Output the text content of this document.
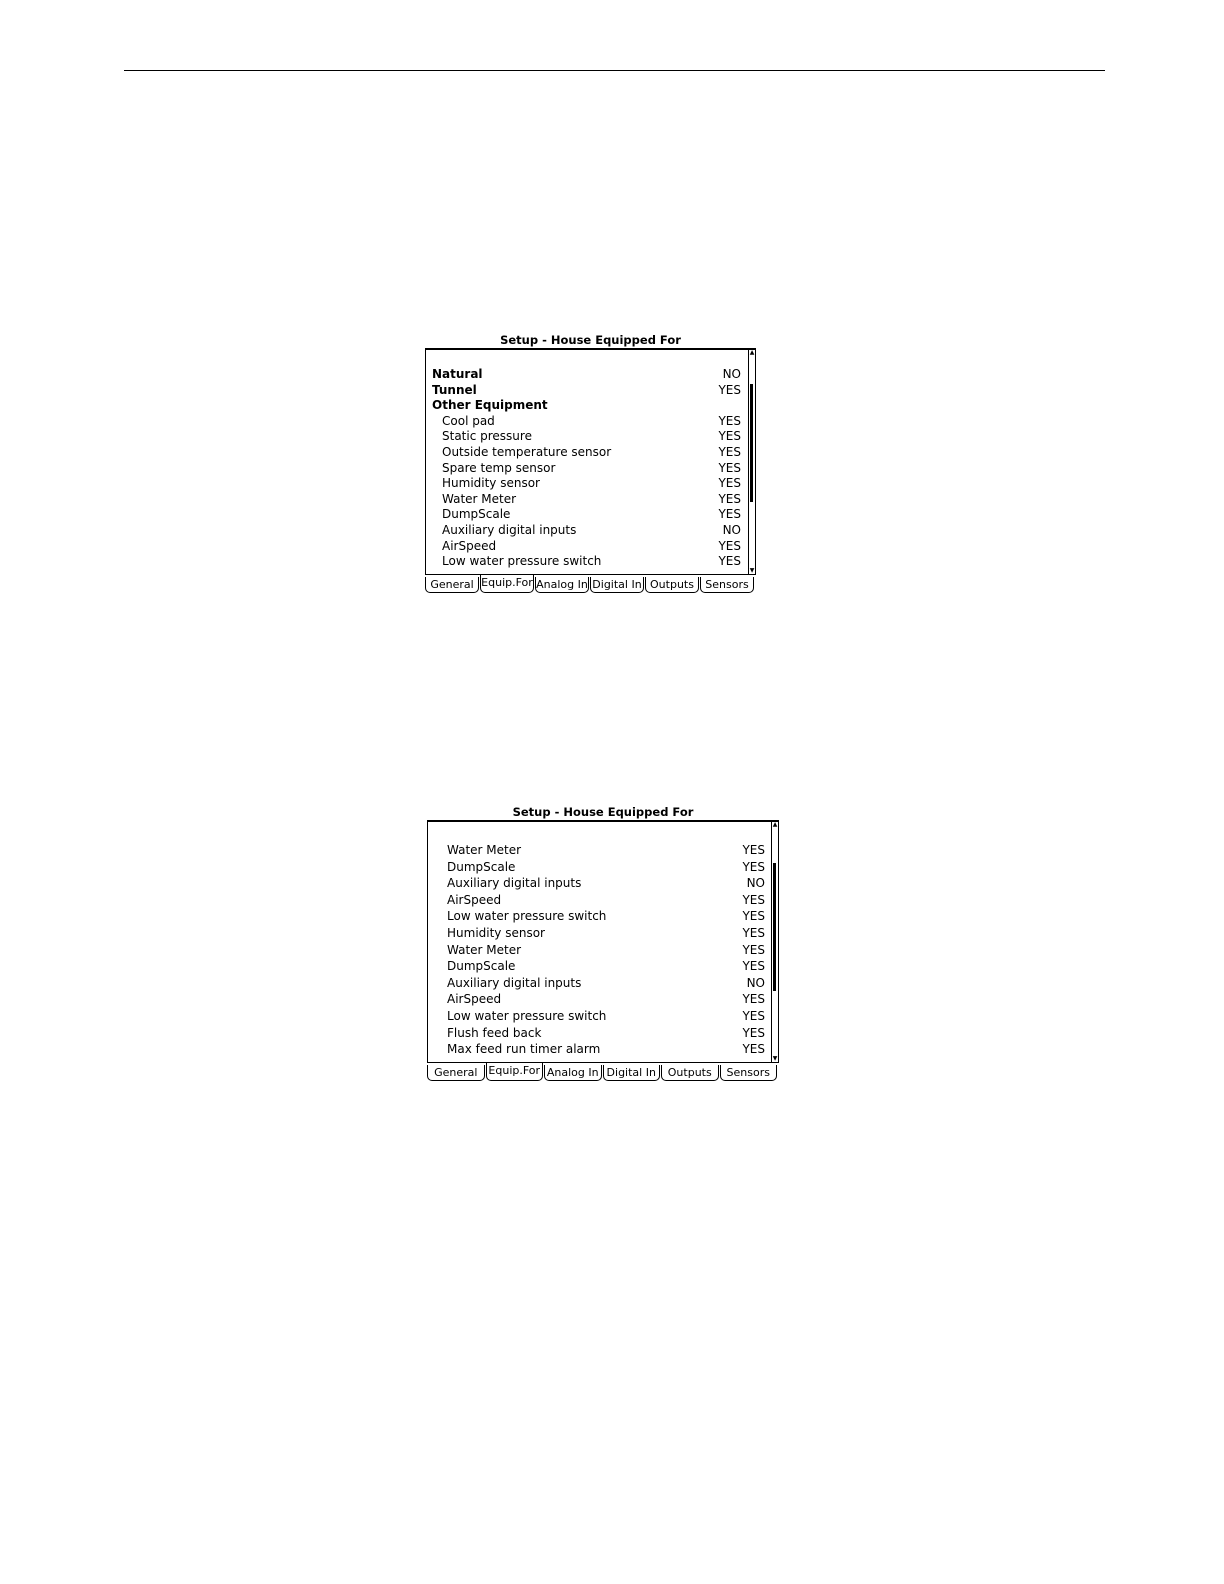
Setup - House Equipped For
Natural	NO
Tunnel	YES
Other Equipment
Cool pad	YES
Static pressure	YES
Outside temperature sensor	YES
Spare temp sensor	YES
Humidity sensor	YES
Water Meter	YES
DumpScale	YES
Auxiliary digital inputs	NO
AirSpeed	YES
Low water pressure switch	YES
▲
▼
General Equip.For Analog In Digital In Outputs	Sensors
Setup - House Equipped For
Water Meter	YES
DumpScale	YES
Auxiliary digital inputs	NO
AirSpeed	YES
Low water pressure switch	YES
Humidity sensor	YES
Water Meter	YES
DumpScale	YES
Auxiliary digital inputs	NO
AirSpeed	YES
Low water pressure switch	YES
Flush feed back	YES
Max feed run timer alarm	YES
▲
▼
General	Equip.For Analog In Digital In	Outputs	Sensors
